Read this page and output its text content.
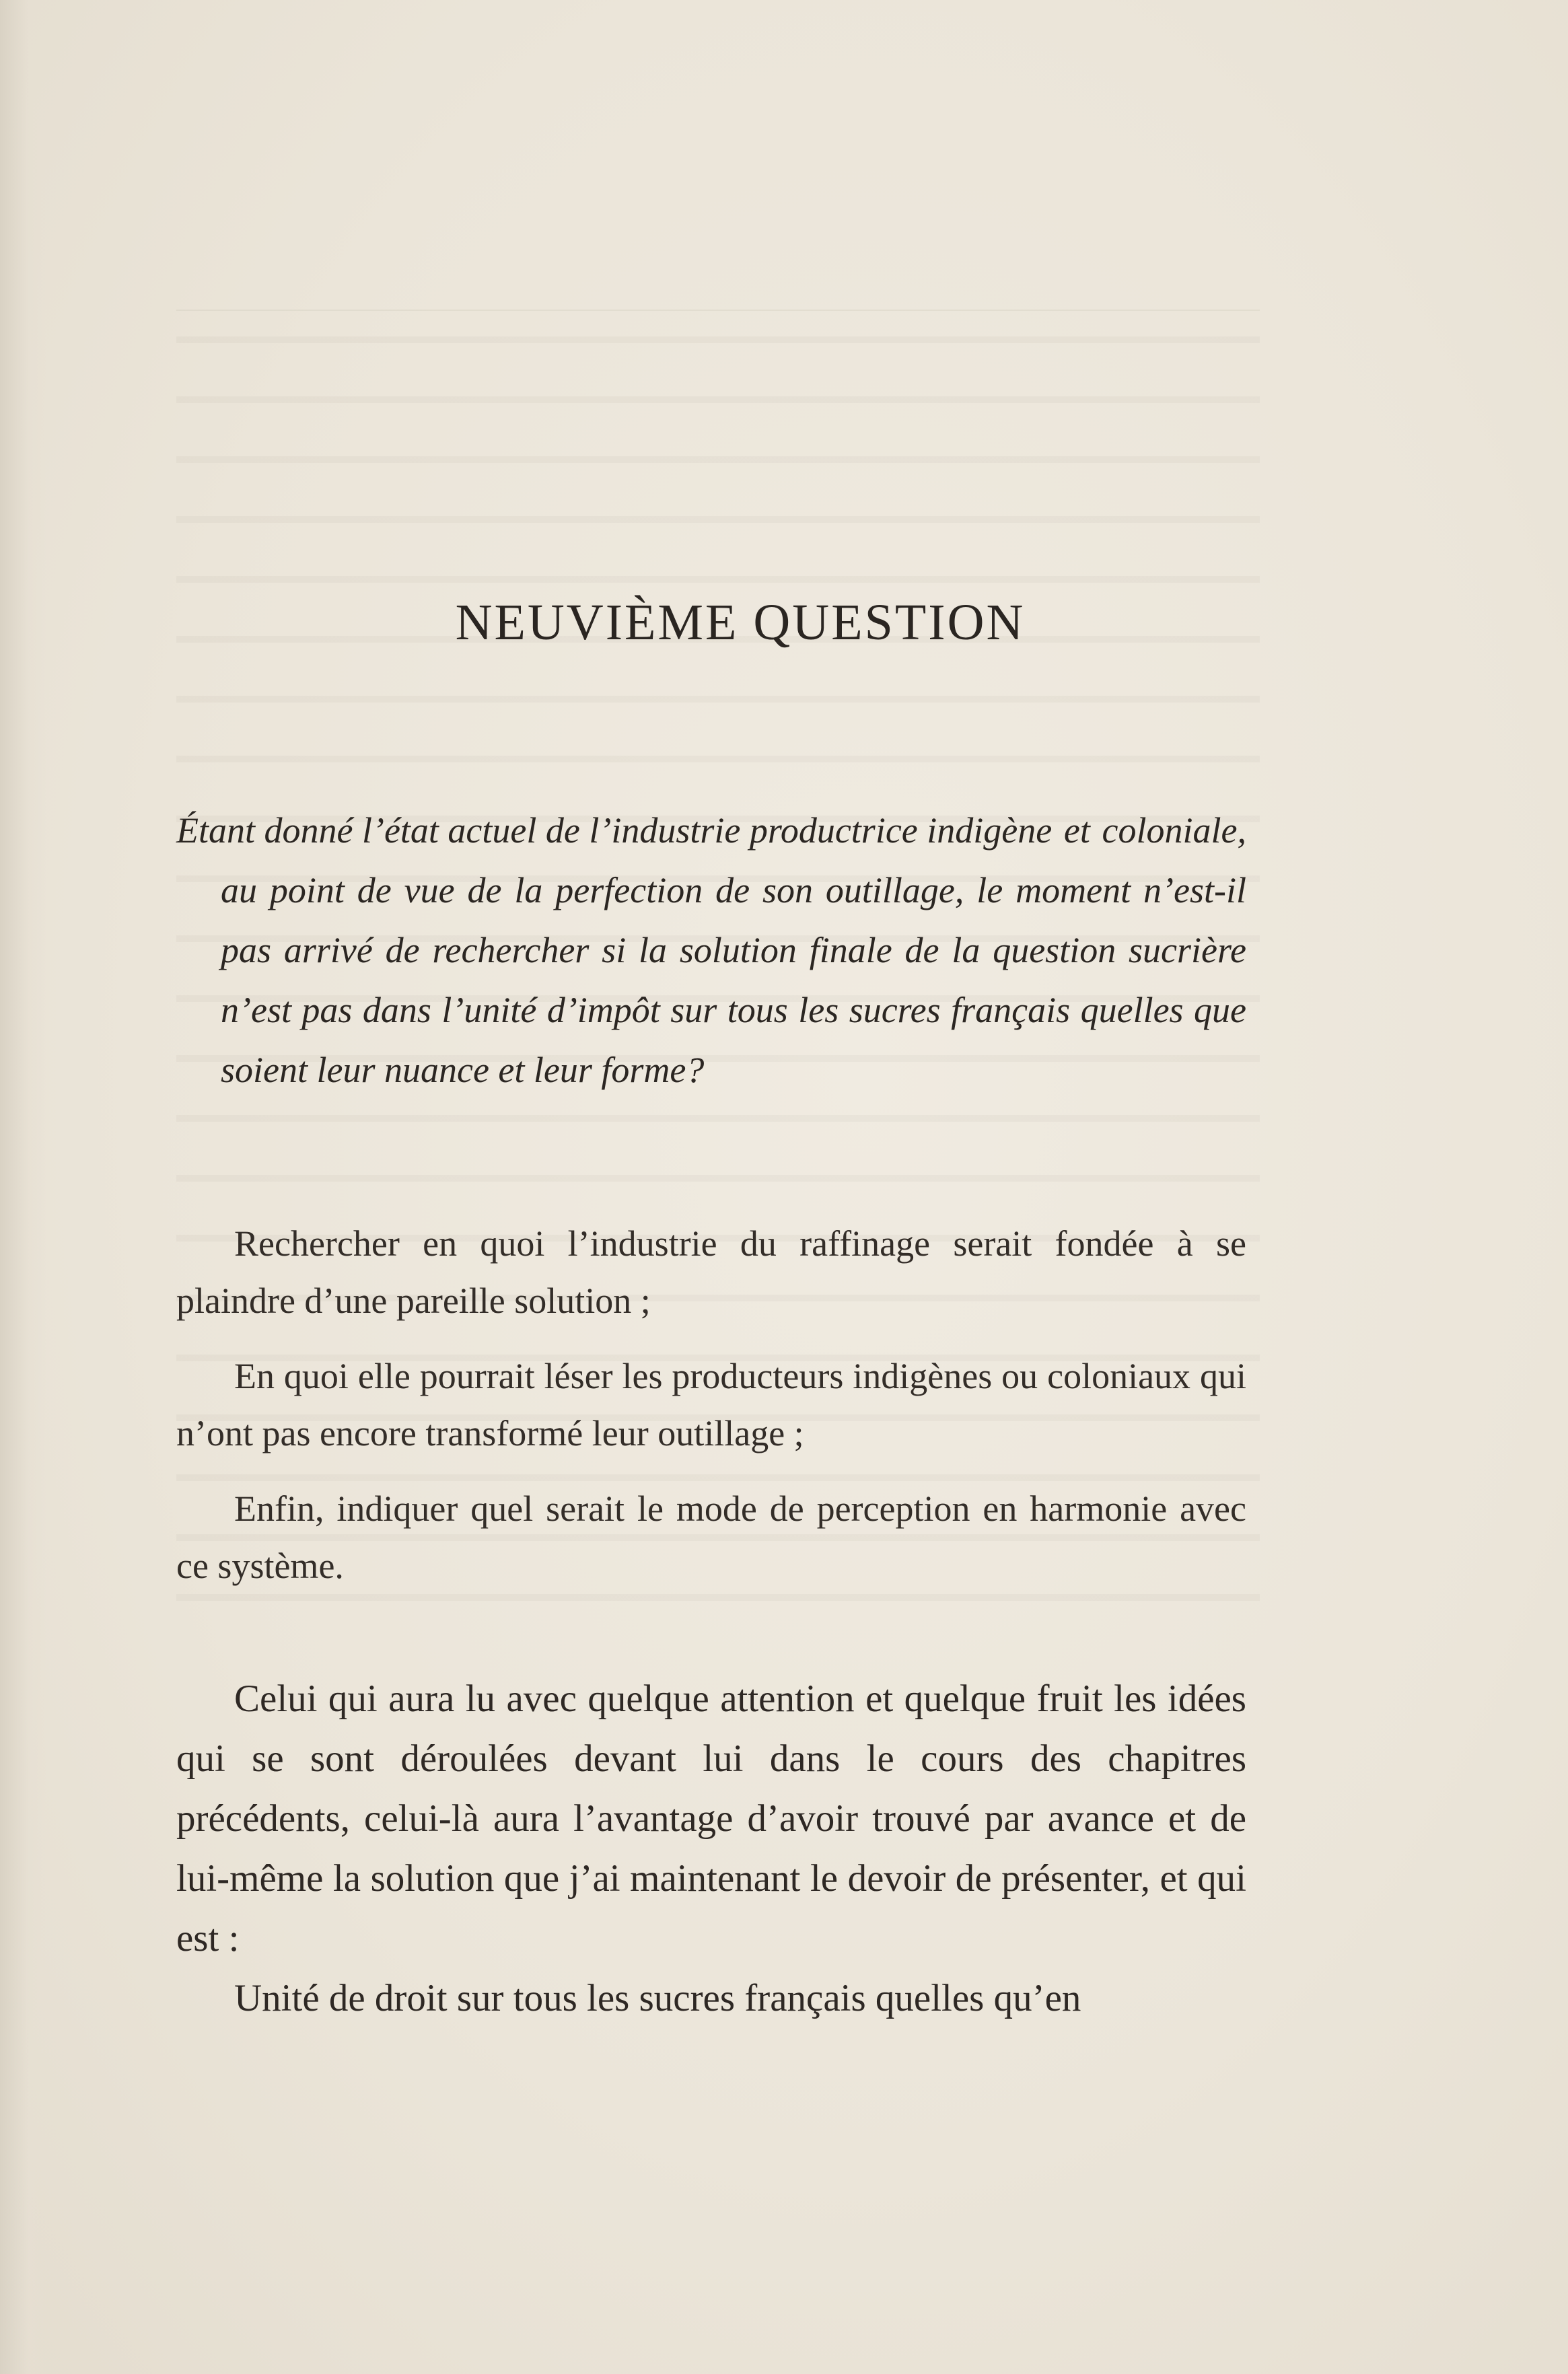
NEUVIÈME QUESTION

Étant donné l’état actuel de l’industrie productrice indigène et coloniale, au point de vue de la perfection de son outillage, le moment n’est-il pas arrivé de rechercher si la solution finale de la question sucrière n’est pas dans l’unité d’impôt sur tous les sucres français quelles que soient leur nuance et leur forme?

Rechercher en quoi l’industrie du raffinage serait fondée à se plaindre d’une pareille solution ;

En quoi elle pourrait léser les producteurs indigènes ou coloniaux qui n’ont pas encore transformé leur outillage ;

Enfin, indiquer quel serait le mode de perception en harmonie avec ce système.

Celui qui aura lu avec quelque attention et quelque fruit les idées qui se sont déroulées devant lui dans le cours des chapitres précédents, celui-là aura l’avantage d’avoir trouvé par avance et de lui-même la solution que j’ai maintenant le devoir de présenter, et qui est :

Unité de droit sur tous les sucres français quelles qu’en
